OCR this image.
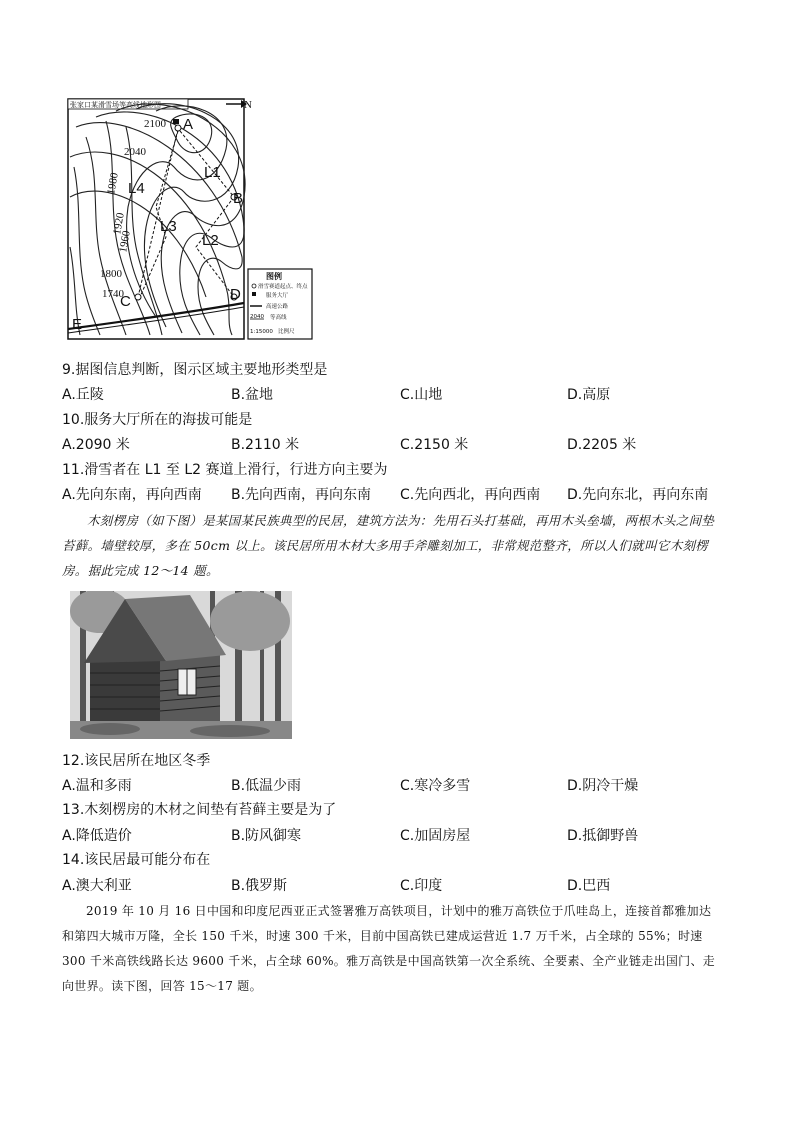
张家口某滑雪场等高线地形图	N
A
B
C	D
E
L1
L2
L3
L4
2100
2040
1980
1920
1960
1800
1740
图例
滑雪赛道起点、终点
服务大厅
高速公路
2040 等高线
1:15000 比例尺
9.据图信息判断，图示区域主要地形类型是
A.丘陵	B.盆地	C.山地	D.高原
10.服务大厅所在的海拔可能是
A.2090 米	B.2110 米	C.2150 米	D.2205 米
11.滑雪者在 L1 至 L2 赛道上滑行，行进方向主要为
A.先向东南，再向西南 B.先向西南，再向东南 C.先向西北，再向西南 D.先向东北，再向东南
木刻楞房（如下图）是某国某民族典型的民居，建筑方法为：先用石头打基础，再用木头垒墙，两根木头之间垫苔藓。墙壁较厚，多在 50cm 以上。该民居所用木材大多用手斧雕刻加工，非常规范整齐，所以人们就叫它木刻楞房。据此完成 12～14 题。
12.该民居所在地区冬季
A.温和多雨	B.低温少雨	C.寒冷多雪	D.阴冷干燥
13.木刻楞房的木材之间垫有苔藓主要是为了
A.降低造价	B.防风御寒	C.加固房屋	D.抵御野兽
14.该民居最可能分布在
A.澳大利亚	B.俄罗斯	C.印度	D.巴西
2019 年 10 月 16 日中国和印度尼西亚正式签署雅万高铁项目，计划中的雅万高铁位于爪哇岛上，连接首都雅加达和第四大城市万隆，全长 150 千米，时速 300 千米，目前中国高铁已建成运营近 1.7 万千米，占全球的 55%；时速 300 千米高铁线路长达 9600 千米，占全球 60%。雅万高铁是中国高铁第一次全系统、全要素、全产业链走出国门、走向世界。读下图，回答 15～17 题。
